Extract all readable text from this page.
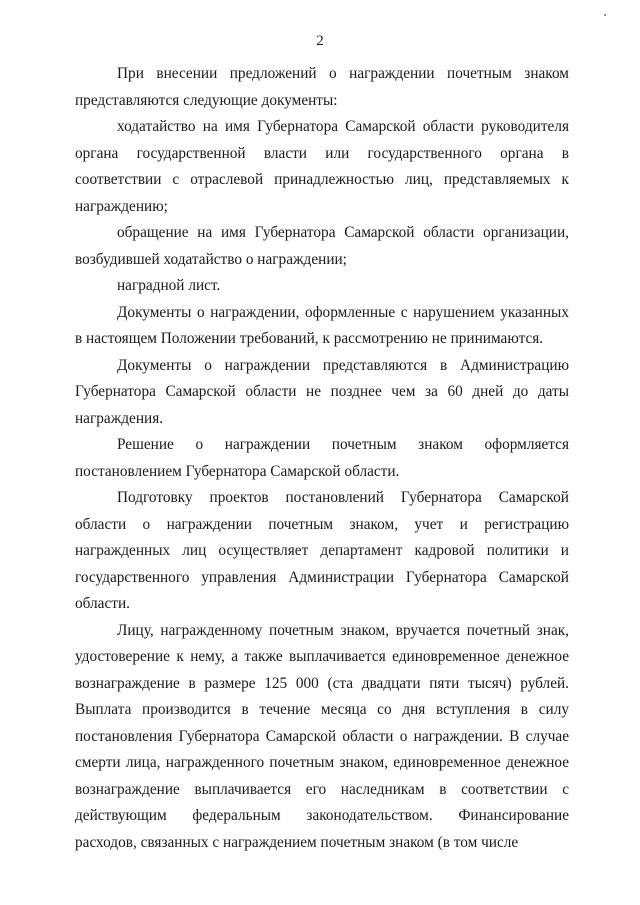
2

При внесении предложений о награждении почетным знаком представляются следующие документы:

ходатайство на имя Губернатора Самарской области руководителя органа государственной власти или государственного органа в соответствии с отраслевой принадлежностью лиц, представляемых к награждению;

обращение на имя Губернатора Самарской области организации, возбудившей ходатайство о награждении;

наградной лист.

Документы о награждении, оформленные с нарушением указанных в настоящем Положении требований, к рассмотрению не принимаются.

Документы о награждении представляются в Администрацию Губернатора Самарской области не позднее чем за 60 дней до даты награждения.

Решение о награждении почетным знаком оформляется постановлением Губернатора Самарской области.

Подготовку проектов постановлений Губернатора Самарской области о награждении почетным знаком, учет и регистрацию награжденных лиц осуществляет департамент кадровой политики и государственного управления Администрации Губернатора Самарской области.

Лицу, награжденному почетным знаком, вручается почетный знак, удостоверение к нему, а также выплачивается единовременное денежное вознаграждение в размере 125 000 (ста двадцати пяти тысяч) рублей. Выплата производится в течение месяца со дня вступления в силу постановления Губернатора Самарской области о награждении. В случае смерти лица, награжденного почетным знаком, единовременное денежное вознаграждение выплачивается его наследникам в соответствии с действующим федеральным законодательством. Финансирование расходов, связанных с награждением почетным знаком (в том числе
